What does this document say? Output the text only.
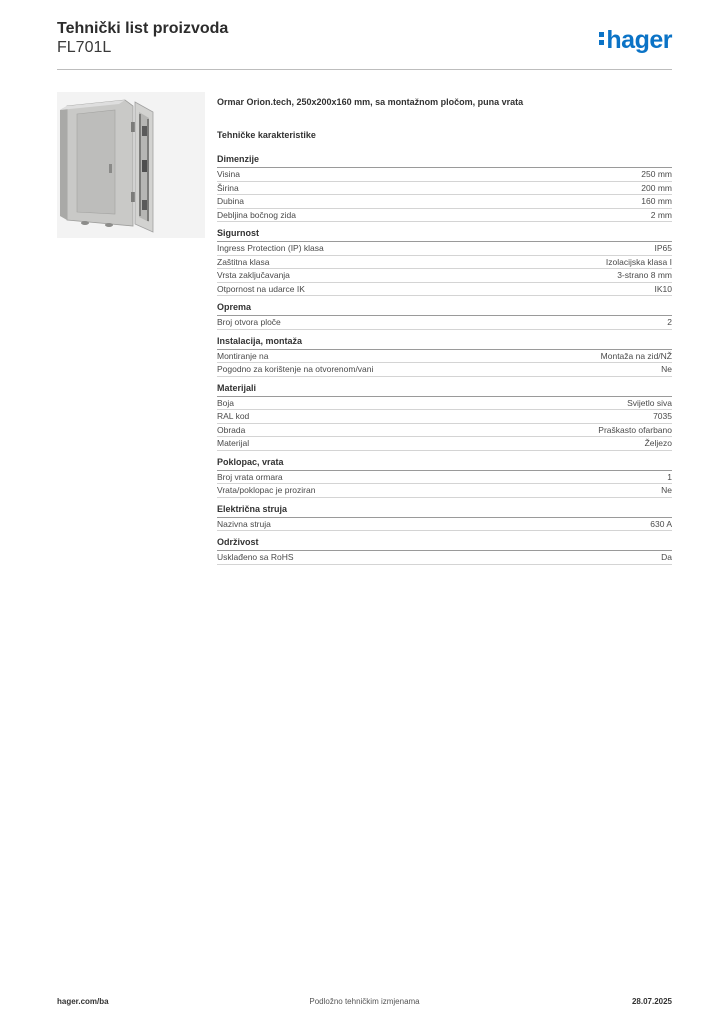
Tehnički list proizvoda
FL701L	hager
Ormar Orion.tech, 250x200x160 mm, sa montažnom pločom, puna vrata
Tehničke karakteristike
Dimenzije
Visina	250 mm
Širina	200 mm
Dubina	160 mm
Debljina bočnog zida	2 mm
Sigurnost
Ingress Protection (IP) klasa	IP65
Zaštitna klasa	Izolacijska klasa I
Vrsta zaključavanja	3-strano 8 mm
Otpornost na udarce IK	IK10
Oprema
Broj otvora ploče	2
Instalacija, montaža
Montiranje na	Montaža na zid/NŽ
Pogodno za korištenje na otvorenom/vani	Ne
Materijali
Boja	Svijetlo siva
RAL kod	7035
Obrada	Praškasto ofarbano
Materijal	Željezo
Poklopac, vrata
Broj vrata ormara	1
Vrata/poklopac je proziran	Ne
Električna struja
Nazivna struja	630 A
Održivost
Usklađeno sa RoHS	Da
hager.com/ba	Podložno tehničkim izmjenama	28.07.2025
